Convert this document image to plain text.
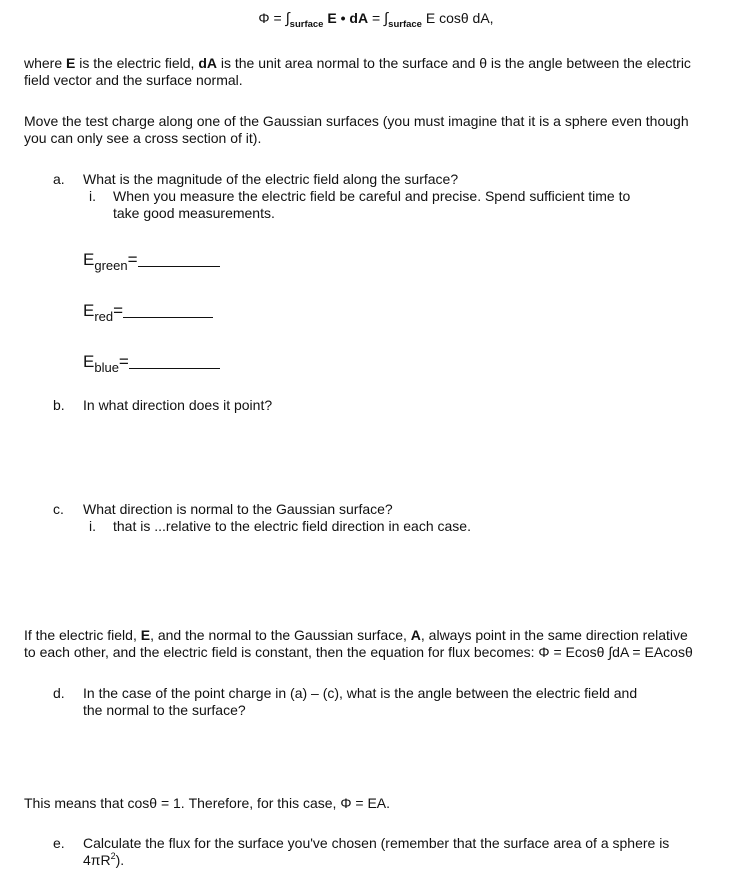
$\Phi = \int_{surface}$ E • dA = $\int_{surface}$ E cosθ dA,
where E is the electric field, dA is the unit area normal to the surface and θ is the angle between the electric
field vector and the surface normal.
Move the test charge along one of the Gaussian surfaces (you must imagine that it is a sphere even though
you can only see a cross section of it).
a.	What is the magnitude of the electric field along the surface?
i.	When you measure the electric field be careful and precise. Spend sufficient time to
take good measurements.
$E_{green}=$
$E_{red}=$
$E_{blue}=$
b.	In what direction does it point?
c.	What direction is normal to the Gaussian surface?
i.	that is ...relative to the electric field direction in each case.
If the electric field, E, and the normal to the Gaussian surface, A, always point in the same direction relative
to each other, and the electric field is constant, then the equation for flux becomes: Φ = Ecosθ ∫dA = EAcosθ
d.	In the case of the point charge in (a) – (c), what is the angle between the electric field and
the normal to the surface?
This means that cosθ = 1. Therefore, for this case, Φ = EA.
e.	Calculate the flux for the surface you've chosen (remember that the surface area of a sphere is
$4\pi R^2$).
